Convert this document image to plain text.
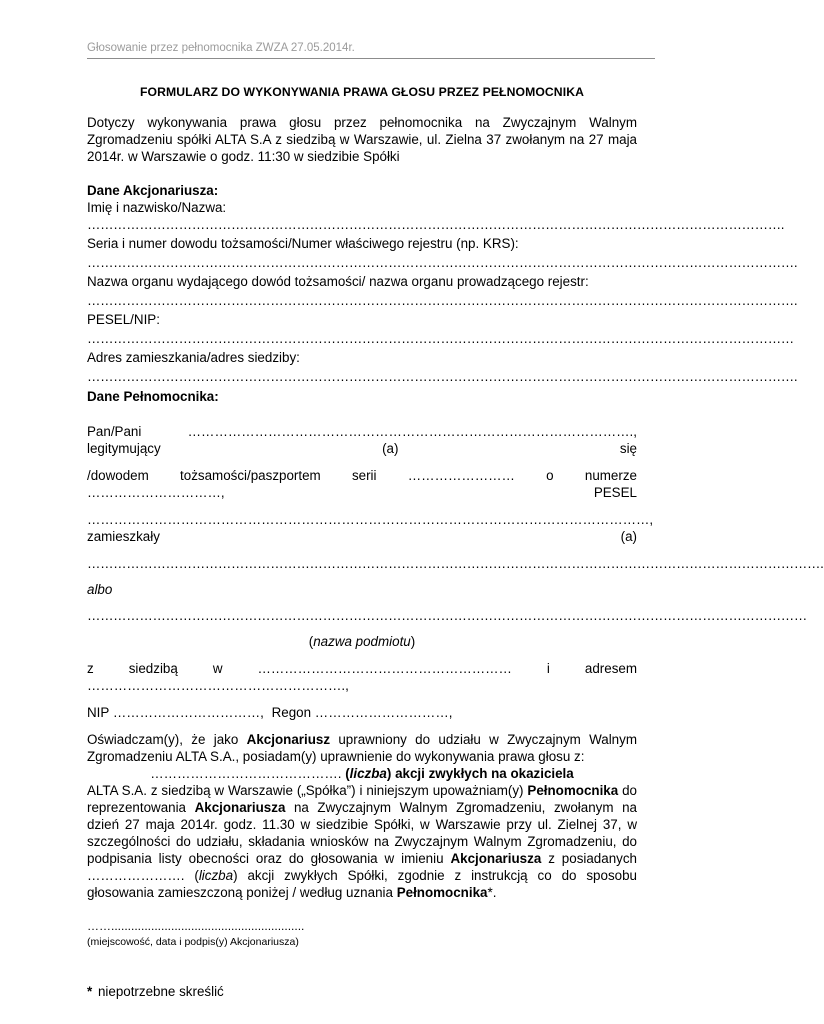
Głosowanie przez pełnomocnika ZWZA 27.05.2014r.

FORMULARZ DO WYKONYWANIA PRAWA GŁOSU PRZEZ PEŁNOMOCNIKA

Dotyczy wykonywania prawa głosu przez pełnomocnika na Zwyczajnym Walnym Zgromadzeniu spółki ALTA S.A z siedzibą w Warszawie, ul. Zielna 37 zwołanym na 27 maja 2014r. w Warszawie o godz. 11:30 w siedzibie Spółki

Dane Akcjonariusza:

Imię i nazwisko/Nazwa:

…………………………………………………………………………………………………………………………………………….

Seria i numer dowodu tożsamości/Numer właściwego rejestru (np. KRS):

……………………………………………………………………………………………………………………………………………….

Nazwa organu wydającego dowód tożsamości/ nazwa organu prowadzącego rejestr:

……………………………………………………………………………………………………………………………………………….

PESEL/NIP:

………………………………………………………………………………………………………………………………………………

Adres zamieszkania/adres siedziby:

……………………………………………………………………………………………………………………………………………….

Dane Pełnomocnika:

Pan/Pani	………………………………………………………………………………………., legitymujący (a) się

/dowodem tożsamości/paszportem serii …………………… o numerze …………………………,	PESEL

………………………………………………………………………………………………………………, zamieszkały (a)

…………………………………………………………………………………………………………………………………………………….

albo

…………………………………………………………………………………………………………………………………………………

(nazwa podmiotu)

z siedzibą w	…………………………………………………	i adresem ………………………………………………….,

NIP ……………………………, Regon …………………………,

Oświadczam(y), że jako Akcjonariusz uprawniony do udziału w Zwyczajnym Walnym Zgromadzeniu ALTA S.A., posiadam(y) uprawnienie do wykonywania prawa głosu z:

……………………………………. (liczba) akcji zwykłych na okaziciela

ALTA S.A. z siedzibą w Warszawie („Spółka”) i niniejszym upoważniam(y) Pełnomocnika do reprezentowania Akcjonariusza na Zwyczajnym Walnym Zgromadzeniu, zwołanym na dzień 27 maja 2014r. godz. 11.30 w siedzibie Spółki, w Warszawie przy ul. Zielnej 37, w szczególności do udziału, składania wniosków na Zwyczajnym Walnym Zgromadzeniu, do podpisania listy obecności oraz do głosowania w imieniu Akcjonariusza z posiadanych …………………. (liczba) akcji zwykłych Spółki, zgodnie z instrukcją co do sposobu głosowania zamieszczoną poniżej / według uznania Pełnomocnika*.

……..........................................................

(miejscowość, data i podpis(y) Akcjonariusza)

* niepotrzebne skreślić
